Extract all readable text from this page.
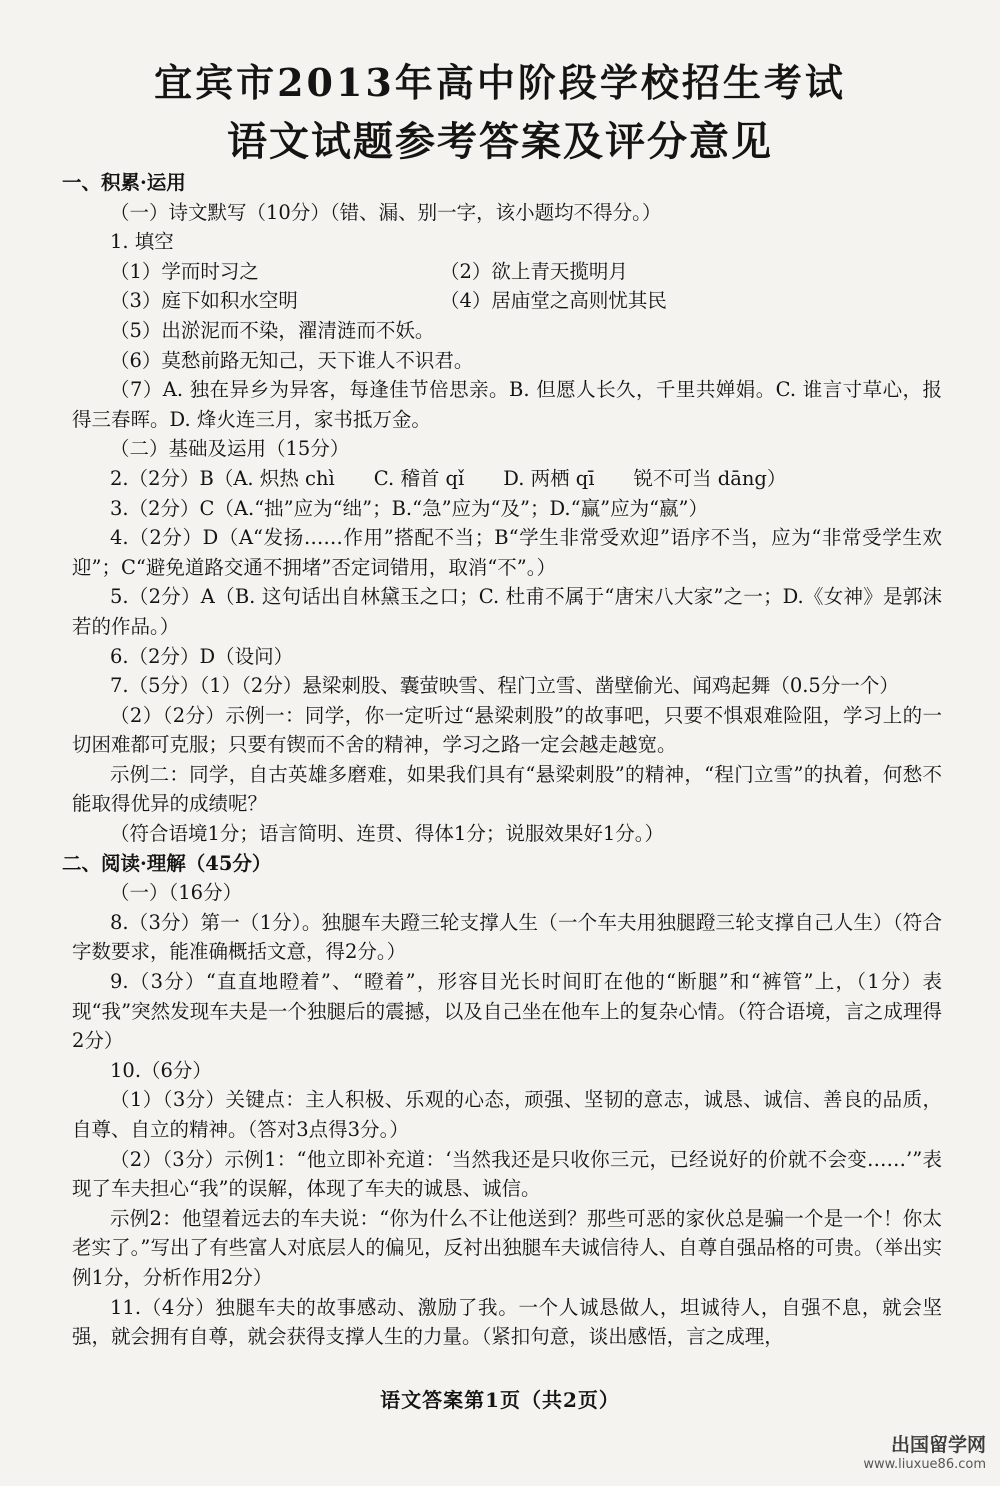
宜宾市2013年高中阶段学校招生考试
语文试题参考答案及评分意见
一、积累·运用
（一）诗文默写（10分）（错、漏、别一字，该小题均不得分。）
1. 填空
（1）学而时习之	（2）欲上青天揽明月
（3）庭下如积水空明	（4）居庙堂之高则忧其民
（5）出淤泥而不染，濯清涟而不妖。
（6）莫愁前路无知己，天下谁人不识君。
（7）A. 独在异乡为异客，每逢佳节倍思亲。B. 但愿人长久，千里共婵娟。C. 谁言寸草心，报得三春晖。D. 烽火连三月，家书抵万金。
（二）基础及运用（15分）
2.（2分）B（A. 炽热 chì　　C. 稽首 qǐ　　D. 两栖 qī　　锐不可当 dāng）
3.（2分）C（A.“拙”应为“绌”；B.“急”应为“及”；D.“赢”应为“嬴”）
4.（2分）D（A“发扬……作用”搭配不当；B“学生非常受欢迎”语序不当，应为“非常受学生欢迎”；C“避免道路交通不拥堵”否定词错用，取消“不”。）
5.（2分）A（B. 这句话出自林黛玉之口；C. 杜甫不属于“唐宋八大家”之一；D.《女神》是郭沫若的作品。）
6.（2分）D（设问）
7.（5分）（1）（2分）悬梁刺股、囊萤映雪、程门立雪、凿壁偷光、闻鸡起舞（0.5分一个）
（2）（2分）示例一：同学，你一定听过“悬梁刺股”的故事吧，只要不惧艰难险阻，学习上的一切困难都可克服；只要有锲而不舍的精神，学习之路一定会越走越宽。
示例二：同学，自古英雄多磨难，如果我们具有“悬梁刺股”的精神，“程门立雪”的执着，何愁不能取得优异的成绩呢？
（符合语境1分；语言简明、连贯、得体1分；说服效果好1分。）
二、阅读·理解（45分）
（一）（16分）
8.（3分）第一（1分）。独腿车夫蹬三轮支撑人生（一个车夫用独腿蹬三轮支撑自己人生）（符合字数要求，能准确概括文意，得2分。）
9.（3分）“直直地瞪着”、“瞪着”，形容目光长时间盯在他的“断腿”和“裤管”上，（1分）表现“我”突然发现车夫是一个独腿后的震撼，以及自己坐在他车上的复杂心情。（符合语境，言之成理得2分）
10.（6分）
（1）（3分）关键点：主人积极、乐观的心态，顽强、坚韧的意志，诚恳、诚信、善良的品质，自尊、自立的精神。（答对3点得3分。）
（2）（3分）示例1：“他立即补充道：‘当然我还是只收你三元，已经说好的价就不会变……’”表现了车夫担心“我”的误解，体现了车夫的诚恳、诚信。
示例2：他望着远去的车夫说：“你为什么不让他送到？那些可恶的家伙总是骗一个是一个！你太老实了。”写出了有些富人对底层人的偏见，反衬出独腿车夫诚信待人、自尊自强品格的可贵。（举出实例1分，分析作用2分）
11.（4分）独腿车夫的故事感动、激励了我。一个人诚恳做人，坦诚待人，自强不息，就会坚强，就会拥有自尊，就会获得支撑人生的力量。（紧扣句意，谈出感悟，言之成理，
语文答案第1页（共2页）
出国留学网
www.liuxue86.com
